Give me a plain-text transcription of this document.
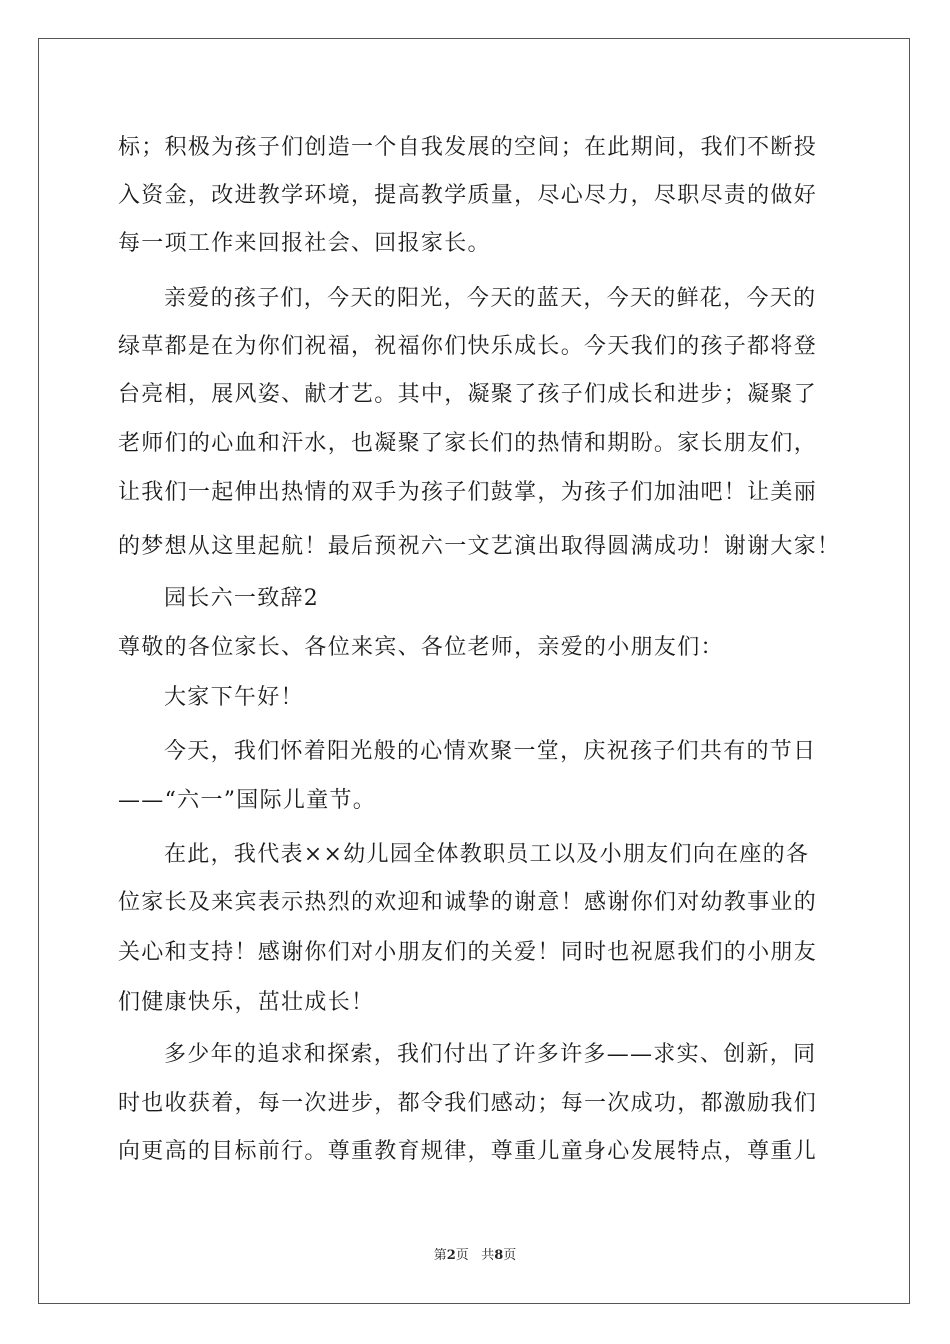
标；积极为孩子们创造一个自我发展的空间；在此期间，我们不断投
入资金，改进教学环境，提高教学质量，尽心尽力，尽职尽责的做好
每一项工作来回报社会、回报家长。
亲爱的孩子们，今天的阳光，今天的蓝天，今天的鲜花，今天的
绿草都是在为你们祝福，祝福你们快乐成长。今天我们的孩子都将登
台亮相，展风姿、献才艺。其中，凝聚了孩子们成长和进步；凝聚了
老师们的心血和汗水，也凝聚了家长们的热情和期盼。家长朋友们，
让我们一起伸出热情的双手为孩子们鼓掌，为孩子们加油吧！让美丽
的梦想从这里起航！最后预祝六一文艺演出取得圆满成功！谢谢大家！
园长六一致辞2
尊敬的各位家长、各位来宾、各位老师，亲爱的小朋友们：
大家下午好！
今天，我们怀着阳光般的心情欢聚一堂，庆祝孩子们共有的节日
——“六一”国际儿童节。
在此，我代表××幼儿园全体教职员工以及小朋友们向在座的各
位家长及来宾表示热烈的欢迎和诚挚的谢意！感谢你们对幼教事业的
关心和支持！感谢你们对小朋友们的关爱！同时也祝愿我们的小朋友
们健康快乐，茁壮成长！
多少年的追求和探索，我们付出了许多许多——求实、创新，同
时也收获着，每一次进步，都令我们感动；每一次成功，都激励我们
向更高的目标前行。尊重教育规律，尊重儿童身心发展特点，尊重儿
第2页   共8页
